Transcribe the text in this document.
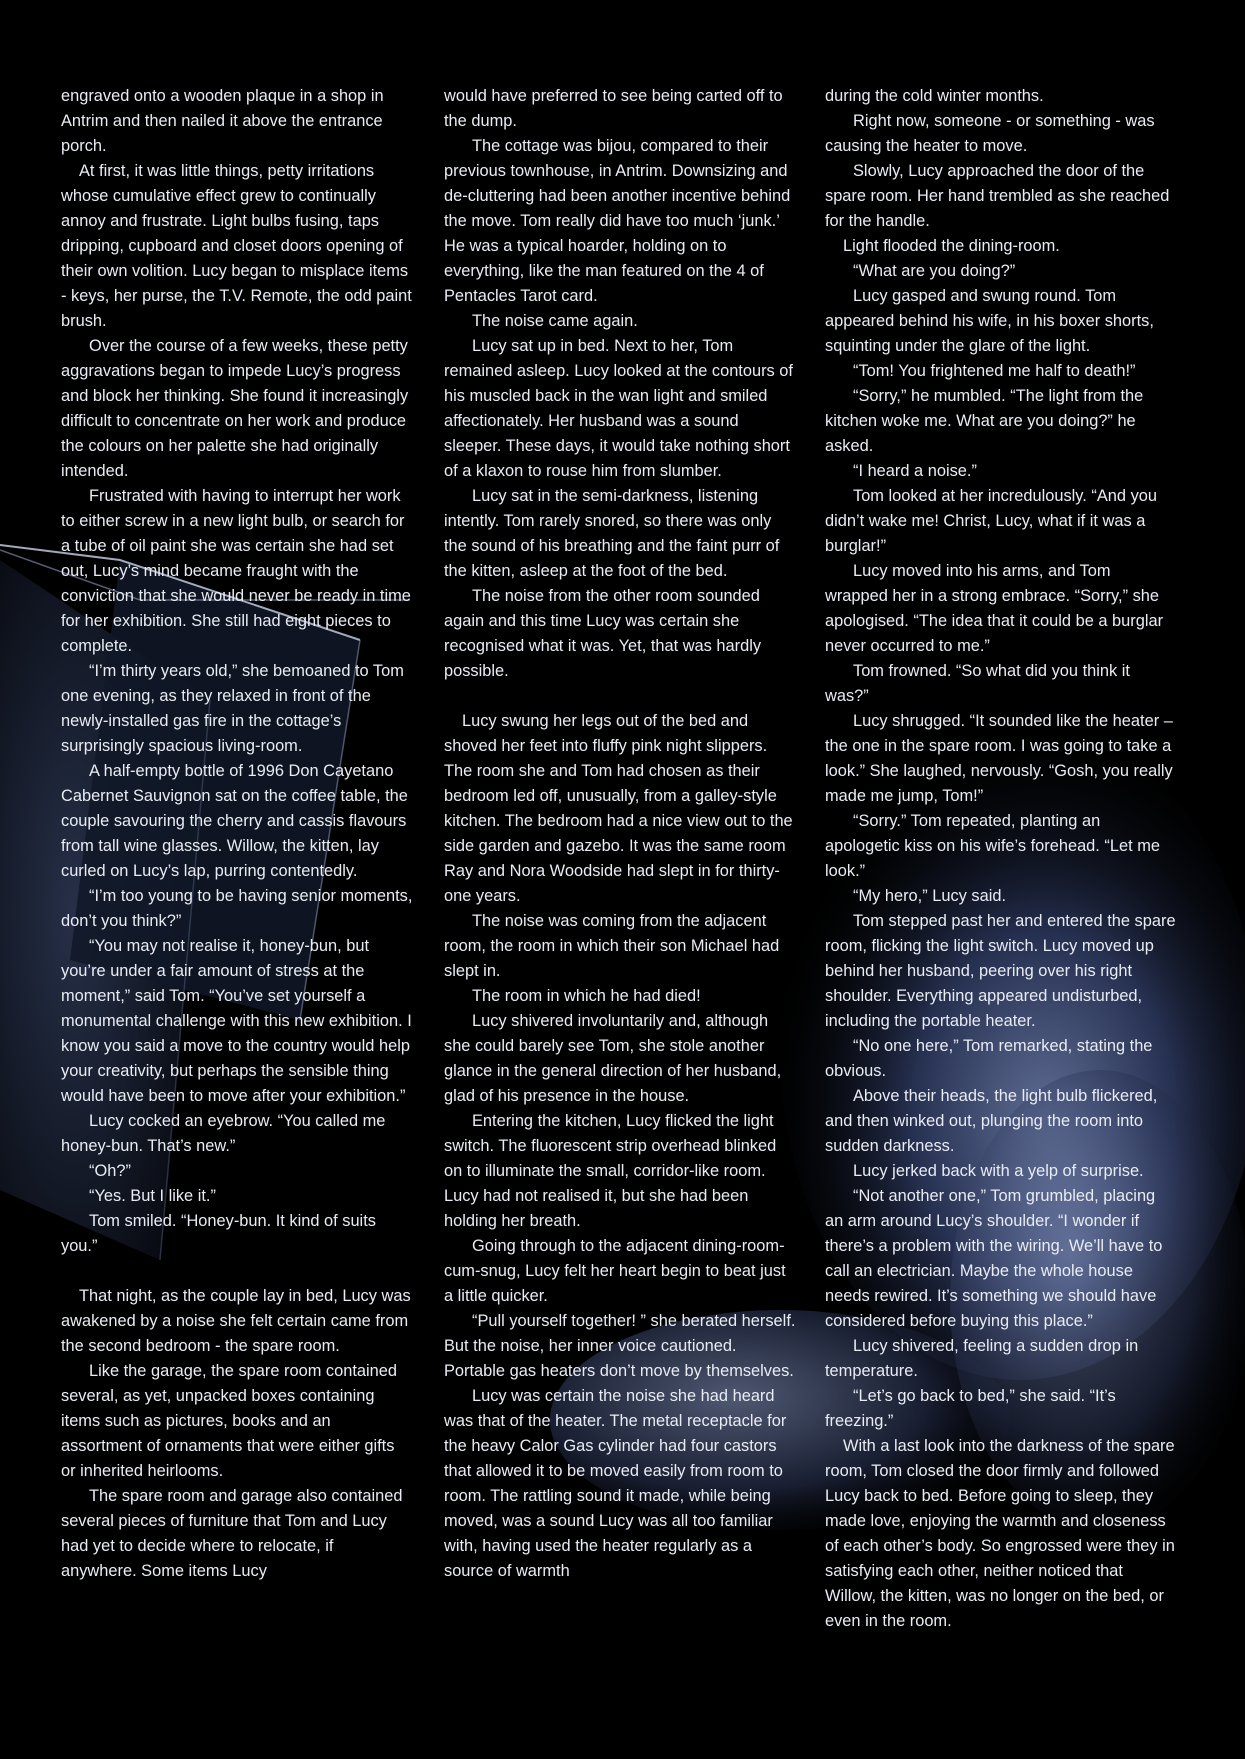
engraved onto a wooden plaque in a shop in Antrim and then nailed it above the entrance porch.

At first, it was little things, petty irritations whose cumulative effect grew to continually annoy and frustrate. Light bulbs fusing, taps dripping, cupboard and closet doors opening of their own volition. Lucy began to misplace items - keys, her purse, the T.V. Remote, the odd paint brush.

Over the course of a few weeks, these petty aggravations began to impede Lucy’s progress and block her thinking. She found it increasingly difficult to concentrate on her work and produce the colours on her palette she had originally intended.

Frustrated with having to interrupt her work to either screw in a new light bulb, or search for a tube of oil paint she was certain she had set out, Lucy’s mind became fraught with the conviction that she would never be ready in time for her exhibition. She still had eight pieces to complete.

“I’m thirty years old,” she bemoaned to Tom one evening, as they relaxed in front of the newly-installed gas fire in the cottage’s surprisingly spacious living-room.

A half-empty bottle of 1996 Don Cayetano Cabernet Sauvignon sat on the coffee table, the couple savouring the cherry and cassis flavours from tall wine glasses. Willow, the kitten, lay curled on Lucy’s lap, purring contentedly.

“I’m too young to be having senior moments, don’t you think?”

“You may not realise it, honey-bun, but you’re under a fair amount of stress at the moment,” said Tom. “You’ve set yourself a monumental challenge with this new exhibition. I know you said a move to the country would help your creativity, but perhaps the sensible thing would have been to move after your exhibition.”

Lucy cocked an eyebrow. “You called me honey-bun. That’s new.”

“Oh?”

“Yes. But I like it.”

Tom smiled. “Honey-bun. It kind of suits you.”

That night, as the couple lay in bed, Lucy was awakened by a noise she felt certain came from the second bedroom - the spare room.

Like the garage, the spare room contained several, as yet, unpacked boxes containing items such as pictures, books and an assortment of ornaments that were either gifts or inherited heirlooms.

The spare room and garage also contained several pieces of furniture that Tom and Lucy had yet to decide where to relocate, if anywhere. Some items Lucy

would have preferred to see being carted off to the dump.

The cottage was bijou, compared to their previous townhouse, in Antrim. Downsizing and de-cluttering had been another incentive behind the move. Tom really did have too much ‘junk.’ He was a typical hoarder, holding on to everything, like the man featured on the 4 of Pentacles Tarot card.

The noise came again.

Lucy sat up in bed. Next to her, Tom remained asleep. Lucy looked at the contours of his muscled back in the wan light and smiled affectionately. Her husband was a sound sleeper. These days, it would take nothing short of a klaxon to rouse him from slumber.

Lucy sat in the semi-darkness, listening intently. Tom rarely snored, so there was only the sound of his breathing and the faint purr of the kitten, asleep at the foot of the bed.

The noise from the other room sounded again and this time Lucy was certain she recognised what it was. Yet, that was hardly possible.

Lucy swung her legs out of the bed and shoved her feet into fluffy pink night slippers. The room she and Tom had chosen as their bedroom led off, unusually, from a galley-style kitchen. The bedroom had a nice view out to the side garden and gazebo. It was the same room Ray and Nora Woodside had slept in for thirty-one years.

The noise was coming from the adjacent room, the room in which their son Michael had slept in.

The room in which he had died!

Lucy shivered involuntarily and, although she could barely see Tom, she stole another glance in the general direction of her husband, glad of his presence in the house.

Entering the kitchen, Lucy flicked the light switch. The fluorescent strip overhead blinked on to illuminate the small, corridor-like room. Lucy had not realised it, but she had been holding her breath.

Going through to the adjacent dining-room-cum-snug, Lucy felt her heart begin to beat just a little quicker.

“Pull yourself together! ” she berated herself. But the noise, her inner voice cautioned. Portable gas heaters don’t move by themselves.

Lucy was certain the noise she had heard was that of the heater. The metal receptacle for the heavy Calor Gas cylinder had four castors that allowed it to be moved easily from room to room. The rattling sound it made, while being moved, was a sound Lucy was all too familiar with, having used the heater regularly as a source of warmth

during the cold winter months.

Right now, someone - or something - was causing the heater to move.

Slowly, Lucy approached the door of the spare room. Her hand trembled as she reached for the handle.

Light flooded the dining-room.

“What are you doing?”

Lucy gasped and swung round. Tom appeared behind his wife, in his boxer shorts, squinting under the glare of the light.

“Tom! You frightened me half to death!”

“Sorry,” he mumbled. “The light from the kitchen woke me. What are you doing?” he asked.

“I heard a noise.”

Tom looked at her incredulously. “And you didn’t wake me! Christ, Lucy, what if it was a burglar!”

Lucy moved into his arms, and Tom wrapped her in a strong embrace. “Sorry,” she apologised. “The idea that it could be a burglar never occurred to me.”

Tom frowned. “So what did you think it was?”

Lucy shrugged. “It sounded like the heater – the one in the spare room. I was going to take a look.” She laughed, nervously. “Gosh, you really made me jump, Tom!”

“Sorry.” Tom repeated, planting an apologetic kiss on his wife’s forehead. “Let me look.”

“My hero,” Lucy said.

Tom stepped past her and entered the spare room, flicking the light switch. Lucy moved up behind her husband, peering over his right shoulder. Everything appeared undisturbed, including the portable heater.

“No one here,” Tom remarked, stating the obvious.

Above their heads, the light bulb flickered, and then winked out, plunging the room into sudden darkness.

Lucy jerked back with a yelp of surprise.

“Not another one,” Tom grumbled, placing an arm around Lucy’s shoulder. “I wonder if there’s a problem with the wiring. We’ll have to call an electrician. Maybe the whole house needs rewired. It’s something we should have considered before buying this place.”

Lucy shivered, feeling a sudden drop in temperature.

“Let’s go back to bed,” she said. “It’s freezing.”

With a last look into the darkness of the spare room, Tom closed the door firmly and followed Lucy back to bed. Before going to sleep, they made love, enjoying the warmth and closeness of each other’s body. So engrossed were they in satisfying each other, neither noticed that Willow, the kitten, was no longer on the bed, or even in the room.
